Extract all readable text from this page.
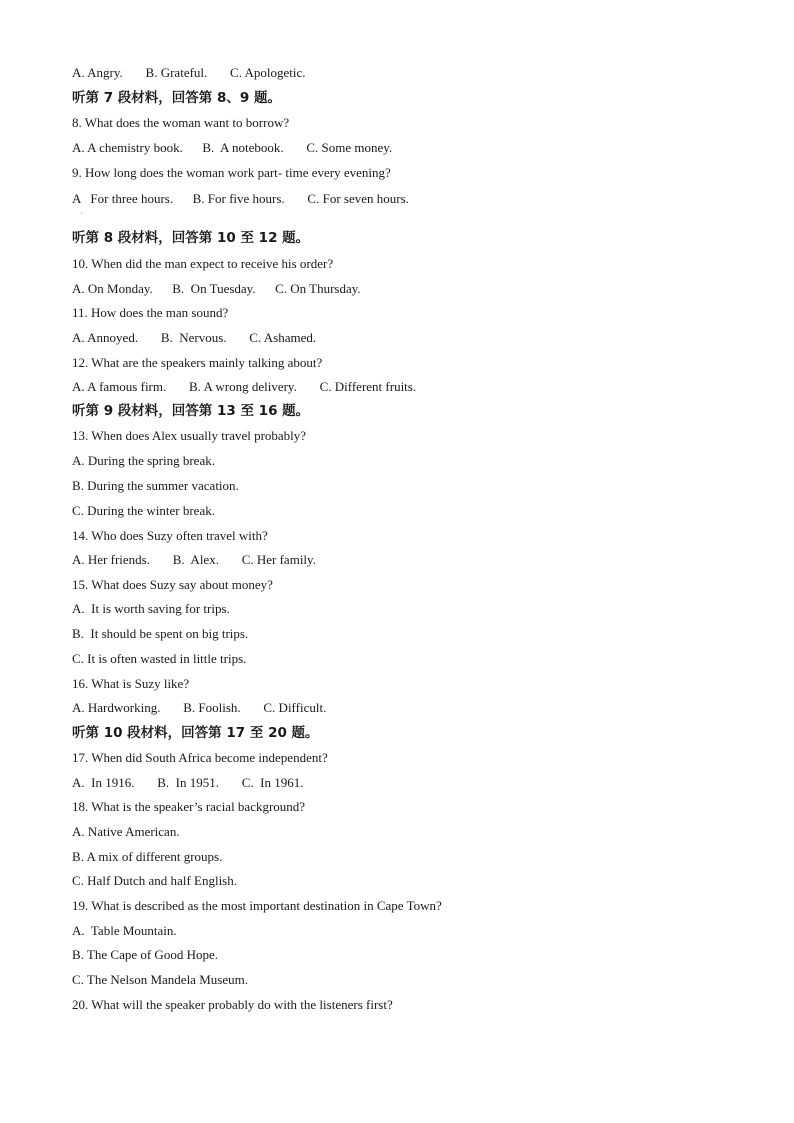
·
A. Angry.       B. Grateful.       C. Apologetic.
听第 7 段材料，回答第 8、9 题。
8. What does the woman want to borrow?
A. A chemistry book.      B.  A notebook.       C. Some money.
9. How long does the woman work part- time every evening?
A   For three hours.      B. For five hours.       C. For seven hours.
听第 8 段材料，回答第 10 至 12 题。
10. When did the man expect to receive his order?
A. On Monday.      B.  On Tuesday.      C. On Thursday.
11. How does the man sound?
A. Annoyed.       B.  Nervous.       C. Ashamed.
12. What are the speakers mainly talking about?
A. A famous firm.       B. A wrong delivery.       C. Different fruits.
听第 9 段材料，回答第 13 至 16 题。
13. When does Alex usually travel probably?
A. During the spring break.
B. During the summer vacation.
C. During the winter break.
14. Who does Suzy often travel with?
A. Her friends.       B.  Alex.       C. Her family.
15. What does Suzy say about money?
A.  It is worth saving for trips.
B.  It should be spent on big trips.
C. It is often wasted in little trips.
16. What is Suzy like?
A. Hardworking.       B. Foolish.       C. Difficult.
听第 10 段材料，回答第 17 至 20 题。
17. When did South Africa become independent?
A.  In 1916.       B.  In 1951.       C.  In 1961.
18. What is the speaker’s racial background?
A. Native American.
B. A mix of different groups.
C. Half Dutch and half English.
19. What is described as the most important destination in Cape Town?
A.  Table Mountain.
B. The Cape of Good Hope.
C. The Nelson Mandela Museum.
20. What will the speaker probably do with the listeners first?
